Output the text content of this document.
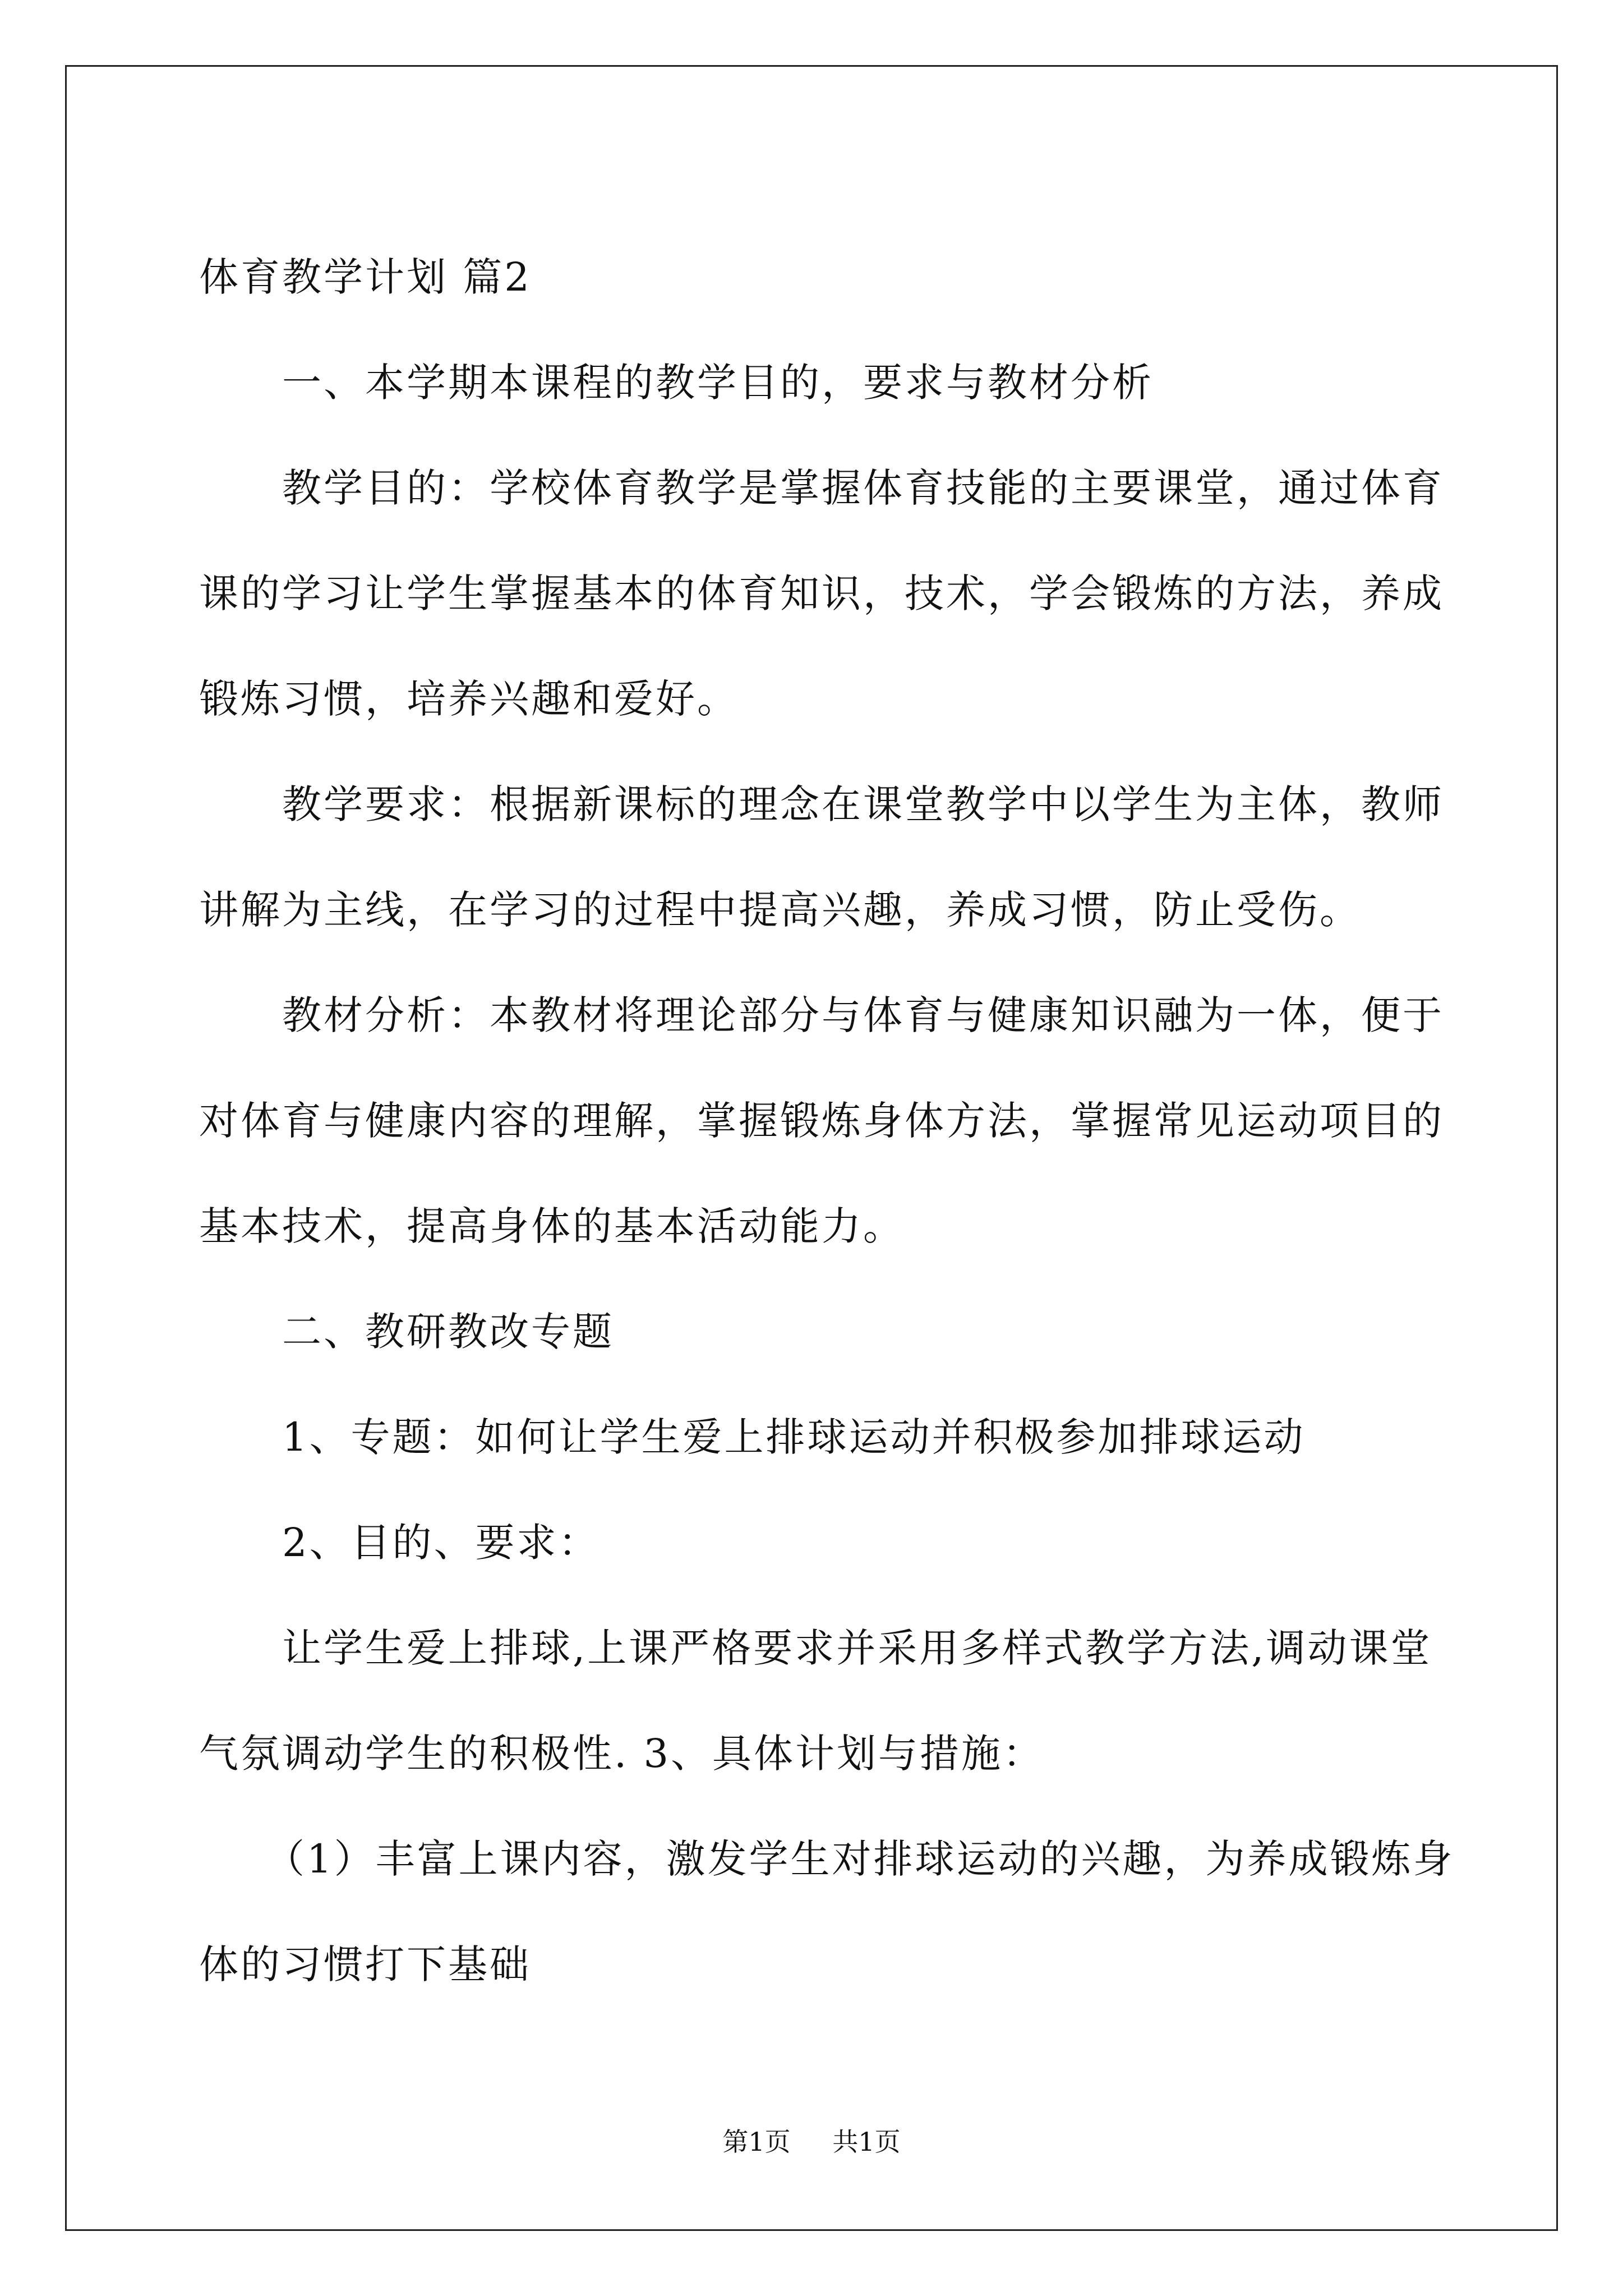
体育教学计划 篇2
一、本学期本课程的教学目的，要求与教材分析
教学目的：学校体育教学是掌握体育技能的主要课堂，通过体育
课的学习让学生掌握基本的体育知识，技术，学会锻炼的方法，养成
锻炼习惯，培养兴趣和爱好。
教学要求：根据新课标的理念在课堂教学中以学生为主体，教师
讲解为主线，在学习的过程中提高兴趣，养成习惯，防止受伤。
教材分析：本教材将理论部分与体育与健康知识融为一体，便于
对体育与健康内容的理解，掌握锻炼身体方法，掌握常见运动项目的
基本技术，提高身体的基本活动能力。
二、教研教改专题
1、专题：如何让学生爱上排球运动并积极参加排球运动
2、目的、要求：
让学生爱上排球,上课严格要求并采用多样式教学方法,调动课堂
气氛调动学生的积极性. 3、具体计划与措施：
（1）丰富上课内容，激发学生对排球运动的兴趣，为养成锻炼身
体的习惯打下基础
第1页 共1页
